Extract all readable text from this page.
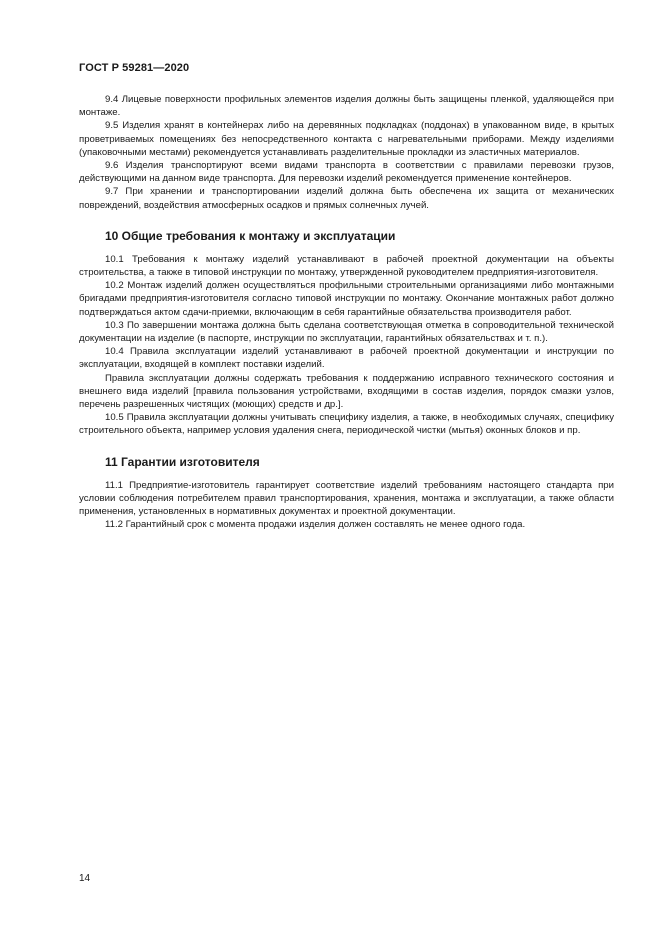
ГОСТ Р 59281—2020

9.4 Лицевые поверхности профильных элементов изделия должны быть защищены пленкой, удаляющейся при монтаже.

9.5 Изделия хранят в контейнерах либо на деревянных подкладках (поддонах) в упакованном виде, в крытых проветриваемых помещениях без непосредственного контакта с нагревательными приборами. Между изделиями (упаковочными местами) рекомендуется устанавливать разделительные прокладки из эластичных материалов.

9.6 Изделия транспортируют всеми видами транспорта в соответствии с правилами перевозки грузов, действующими на данном виде транспорта. Для перевозки изделий рекомендуется применение контейнеров.

9.7 При хранении и транспортировании изделий должна быть обеспечена их защита от механических повреждений, воздействия атмосферных осадков и прямых солнечных лучей.

10 Общие требования к монтажу и эксплуатации

10.1 Требования к монтажу изделий устанавливают в рабочей проектной документации на объекты строительства, а также в типовой инструкции по монтажу, утвержденной руководителем предприятия-изготовителя.

10.2 Монтаж изделий должен осуществляться профильными строительными организациями либо монтажными бригадами предприятия-изготовителя согласно типовой инструкции по монтажу. Окончание монтажных работ должно подтверждаться актом сдачи-приемки, включающим в себя гарантийные обязательства производителя работ.

10.3 По завершении монтажа должна быть сделана соответствующая отметка в сопроводительной технической документации на изделие (в паспорте, инструкции по эксплуатации, гарантийных обязательствах и т. п.).

10.4 Правила эксплуатации изделий устанавливают в рабочей проектной документации и инструкции по эксплуатации, входящей в комплект поставки изделий.

Правила эксплуатации должны содержать требования к поддержанию исправного технического состояния и внешнего вида изделий [правила пользования устройствами, входящими в состав изделия, порядок смазки узлов, перечень разрешенных чистящих (моющих) средств и др.].

10.5 Правила эксплуатации должны учитывать специфику изделия, а также, в необходимых случаях, специфику строительного объекта, например условия удаления снега, периодической чистки (мытья) оконных блоков и пр.

11 Гарантии изготовителя

11.1 Предприятие-изготовитель гарантирует соответствие изделий требованиям настоящего стандарта при условии соблюдения потребителем правил транспортирования, хранения, монтажа и эксплуатации, а также области применения, установленных в нормативных документах и проектной документации.

11.2 Гарантийный срок с момента продажи изделия должен составлять не менее одного года.

14
